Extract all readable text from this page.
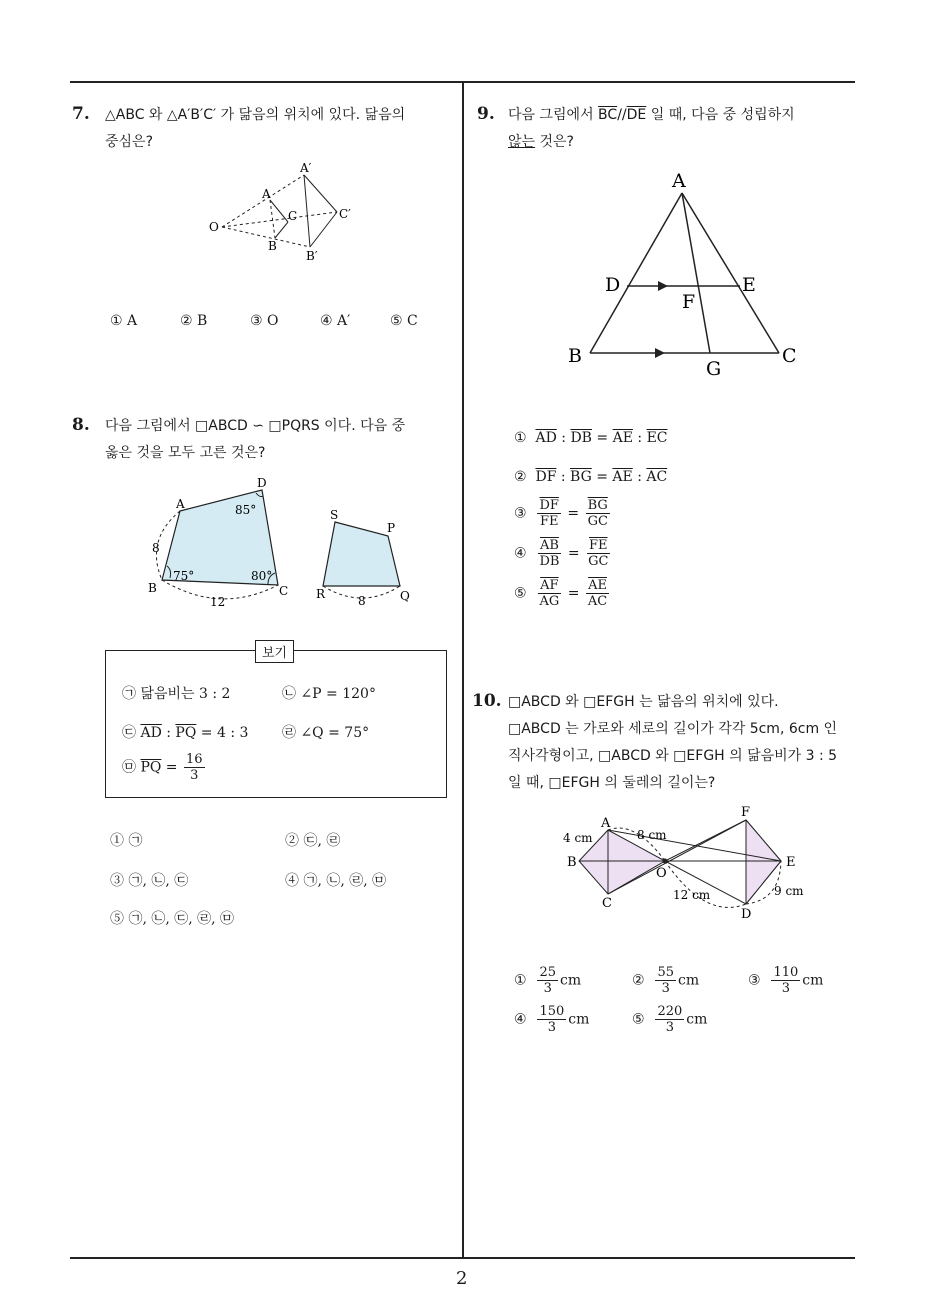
2
7. △ABC 와 △A′B′C′ 가 닮음의 위치에 있다. 닮음의
중심은?
A
B
C
A′
B′
C′
O
① A	② B	③ O	④ A′	⑤ C
8. 다음 그림에서 □ABCD ∽ □PQRS 이다. 다음 중
옳은 것을 모두 고른 것은?
A
B	C
D
85°
75°	80°
8
12
S
P
R	Q
8
보기
㉠ 닮음비는 3 : 2	㉡ ∠P = 120°
㉢ $\overline{AD}$ : $\overline{PQ} = 4$ : 3 ㉣ ∠Q = 75°
㉤ $\overline{PQ} = \frac{16}{3}$
① ㉠	② ㉢, ㉣
③ ㉠, ㉡, ㉢	④ ㉠, ㉡, ㉣, ㉤
⑤ ㉠, ㉡, ㉢, ㉣, ㉤
9. 다음 그림에서 $\overline{BC}//\overline{DE}$ 일 때, 다음 중 성립하지
않는 것은?
A
B	C
D	E
F
G
① $\overline{AD}$ : $\overline{DB} = \overline{AE}$ : $\overline{EC}$
② $\overline{DF}$ : $\overline{BG} = \overline{AE}$ : $\overline{AC}$
③ $\frac{\overline{DF}}{FE} = \frac{\overline{BG}}{GC}$
④ $\frac{\overline{AB}}{DB} = \frac{\overline{FE}}{GC}$
⑤ $\frac{\overline{AF}}{AG} = \frac{\overline{AE}}{AC}$
10. □ABCD 와 □EFGH 는 닮음의 위치에 있다.
□ABCD 는 가로와 세로의 길이가 각각 5cm, 6cm 인
직사각형이고, □ABCD 와 □EFGH 의 닮음비가 3 : 5
일 때, □EFGH 의 둘레의 길이는?
A
B
C
D
E
F
O
4 cm	8 cm
12 cm	9 cm
① $\frac{25}{3}$ cm	② $\frac{55}{3}$ cm	③ $\frac{110}{3}$ cm
④ $\frac{150}{3}$ cm	⑤ $\frac{220}{3}$ cm
